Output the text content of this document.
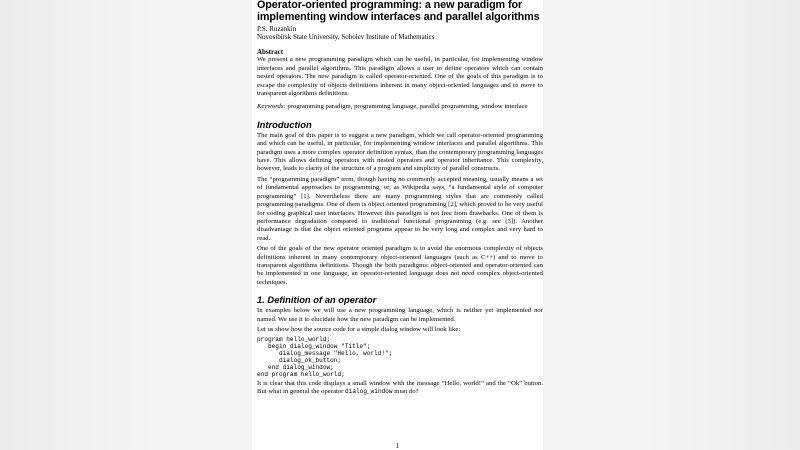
Operator-oriented programming: a new paradigm for
implementing window interfaces and parallel algorithms
P.S. Ruzankin
Novosibirsk State University, Sobolev Institute of Mathematics
Abstract

We present a new programming paradigm which can be useful, in particular, for implementing window interfaces and parallel algorithms. This paradigm allows a user to define operators which can contain nested operators. The new paradigm is called operator-oriented. One of the goals of this paradigm is to escape the complexity of objects definitions inherent in many object-oriented languages and to move to transparent algorithms definitions.

Keywords: programming paradigm, programming language, parallel programming, window interface

Introduction

The main goal of this paper is to suggest a new paradigm, which we call operator-oriented programming and which can be useful, in particular, for implementing window interfaces and parallel algorithms. This paradigm uses a more complex operator definition syntax, than the contemporary programming languages have. This allows defining operators with nested operators and operator inheritance. This complexity, however, leads to clarity of the structure of a program and simplicity of parallel constructs.

The “programming paradigm” term, though having no commonly accepted meaning, usually means a set of fundamental approaches to programming, or, as Wikipedia says, “a fundamental style of computer programming” [1]. Nevertheless there are many programming styles that are commonly called programming paradigms. One of them is object oriented programming [2], which proved to be very useful for coding graphical user interfaces. However this paradigm is not free from drawbacks. One of them is performance degradation compared to traditional functional programming (e.g. see [3]). Another disadvantage is that the object oriented programs appear to be very long and complex and very hard to read.

One of the goals of the new operator oriented paradigm is to avoid the enormous complexity of objects definitions inherent in many contemporary object-oriented languages (such as C++) and to move to transparent algorithms definitions. Though the both paradigms: object-oriented and operator-oriented can be implemented in one language, an operator-oriented language does not need complex object-oriented techniques.

1. Definition of an operator

In examples below we will use a new programming language, which is neither yet implemented nor named. We use it to elucidate how the new paradigm can be implemented.

Let us show how the source code for a simple dialog window will look like:

program hello_world;
begin dialog_window "Title";
dialog_message "Hello, world!";
dialog_ok_button;
end dialog_window;
end program hello_world;

It is clear that this code displays a small window with the message “Hello, world!” and the “Ok” button. But what in general the operator dialog_window must do?

1
